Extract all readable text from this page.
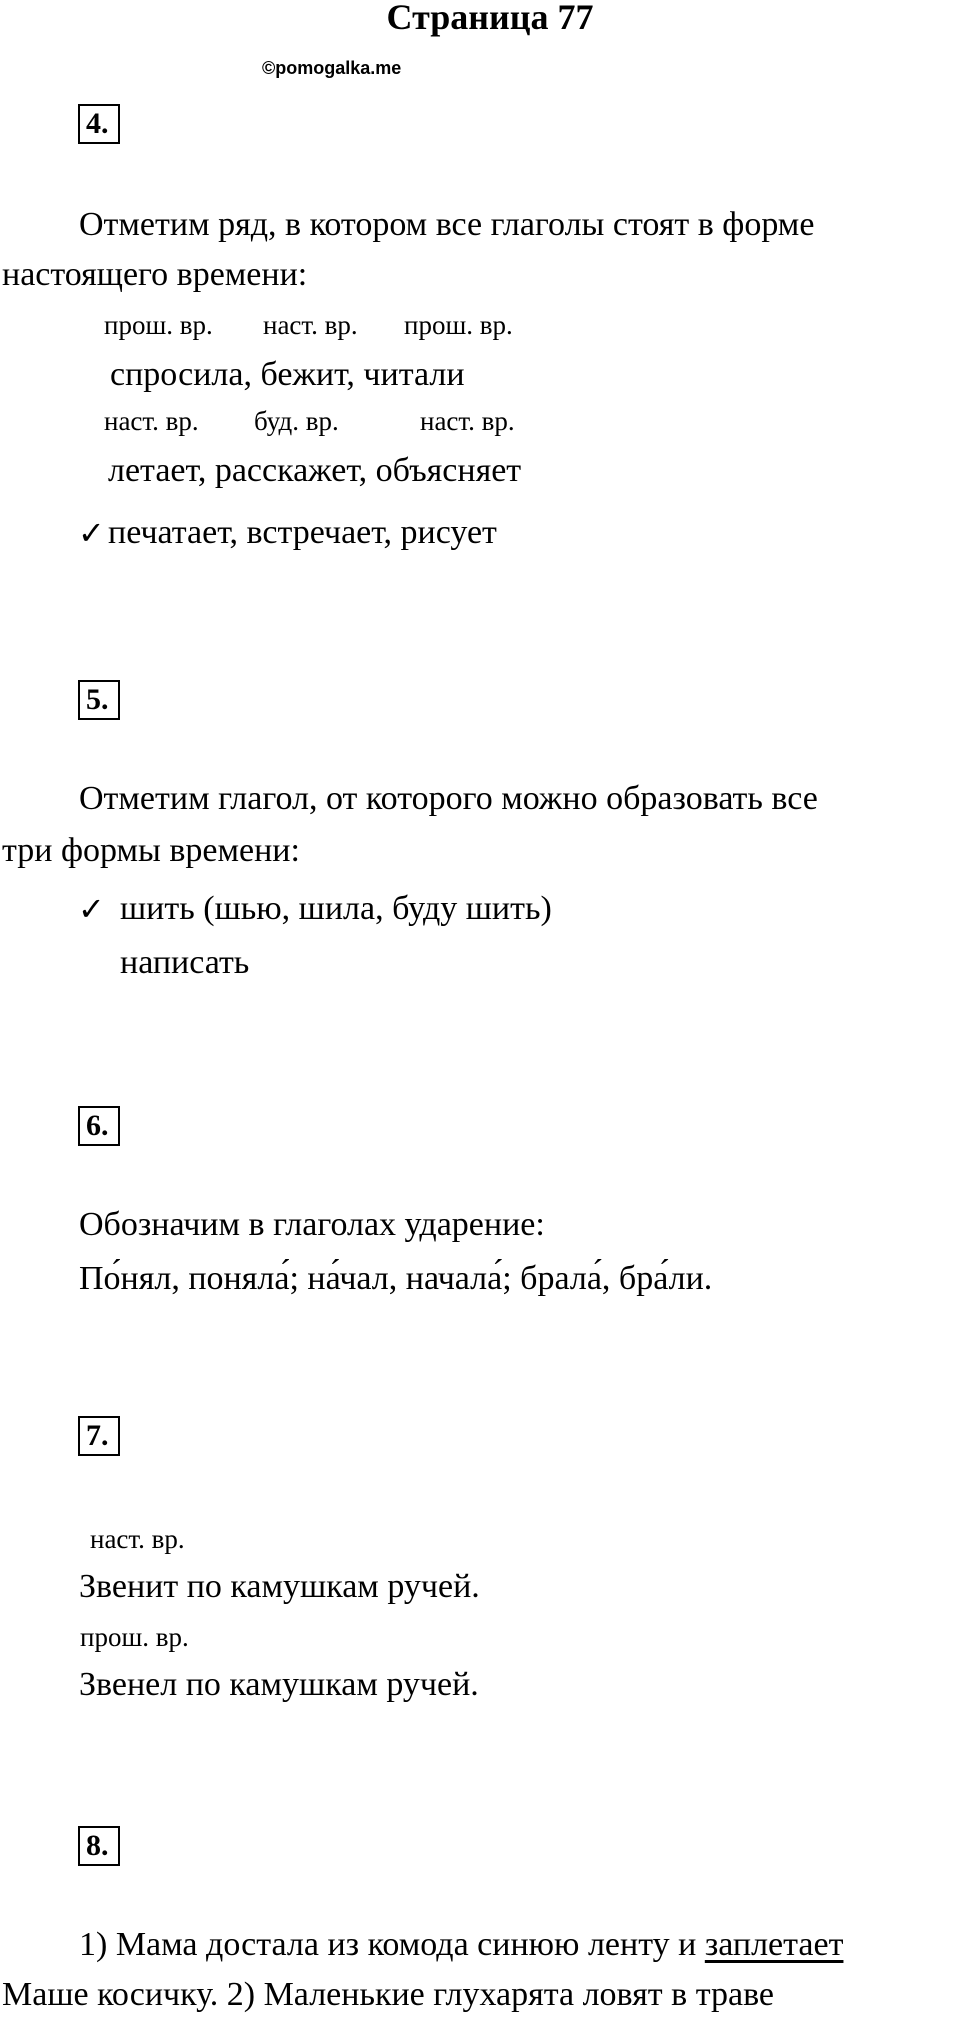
Страница 77
©pomogalka.me
4.
Отметим ряд, в котором все глаголы стоят в форме
настоящего времени:
прош. вр. наст. вр. прош. вр.
спросила, бежит, читали
наст. вр. буд. вр.	наст. вр.
летает, расскажет, объясняет
✓ печатает, встречает, рисует
5.
Отметим глагол, от которого можно образовать все
три формы времени:
✓ шить (шью, шила, буду шить)
написать
6.
Обозначим в глаголах ударение:
По́нял, поняла́; на́чал, начала́; брала́, бра́ли.
7.
наст. вр.
Звенит по камушкам ручей.
прош. вр.
Звенел по камушкам ручей.
8.
1) Мама достала из комода синюю ленту и заплетает
Маше косичку. 2) Маленькие глухарята ловят в траве
